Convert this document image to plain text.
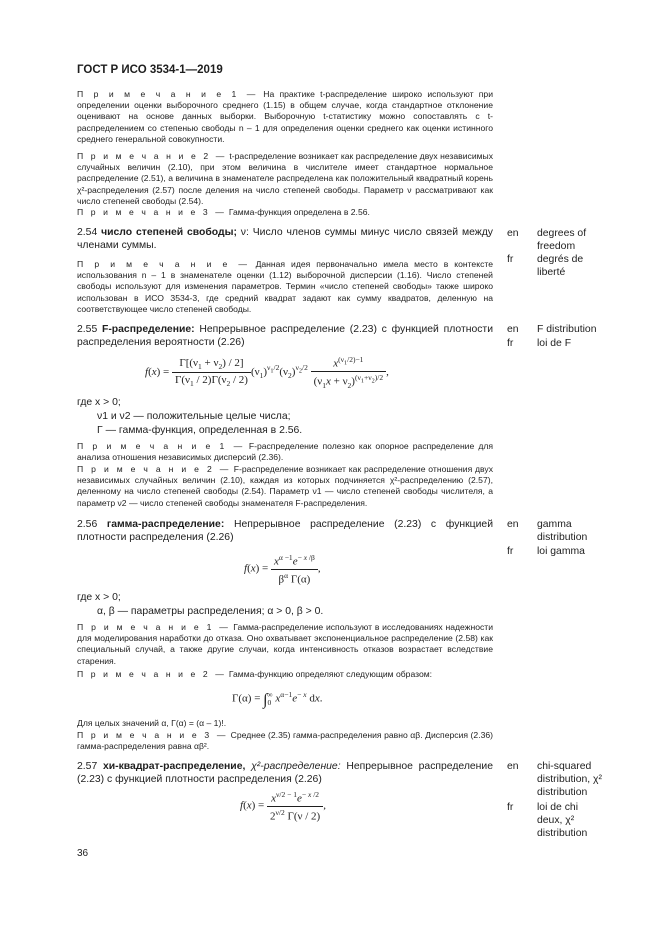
ГОСТ Р ИСО 3534-1—2019
П р и м е ч а н и е 1 — На практике t-распределение широко используют при определении оценки выборочного среднего (1.15) в общем случае, когда стандартное отклонение оценивают на основе данных выборки. Выборочную t-статистику можно сопоставлять с t-распределением со степенью свободы n – 1 для определения оценки среднего как оценки истинного среднего генеральной совокупности.
П р и м е ч а н и е 2 — t-распределение возникает как распределение двух независимых случайных величин (2.10), при этом величина в числителе имеет стандартное нормальное распределение (2.51), а величина в знаменателе распределена как положительный квадратный корень χ²-распределения (2.57) после деления на число степеней свободы. Параметр ν рассматривают как число степеней свободы (2.54).
П р и м е ч а н и е 3 — Гамма-функция определена в 2.56.
2.54 число степеней свободы; ν: Число членов суммы минус число связей между членами суммы.
П р и м е ч а н и е — Данная идея первоначально имела место в контексте использования n – 1 в знаменателе оценки (1.12) выборочной дисперсии (1.16). Число степеней свободы используют для изменения параметров. Термин «число степеней свободы» также широко использован в ИСО 3534-3, где средний квадрат задают как сумму квадратов, деленную на соответствующее число степеней свободы.
en degrees of freedom
fr degrés de liberté
2.55 F-распределение: Непрерывное распределение (2.23) с функцией плотности распределения вероятности (2.26)
en F distribution
fr loi de F
$f(x) = \frac{\Gamma[(\nu_1 + \nu_2) / 2]}{\Gamma(\nu_1 / 2)\Gamma(\nu_2 / 2)} (\nu_1)^{\nu_1/2}(\nu_2)^{\nu_2/2} \frac{x^{(\nu_1/2)-1}}{(\nu_1x + \nu_2)^{(\nu_1+\nu_2)/2}}$ ,
где x > 0;
ν1 и ν2 — положительные целые числа;
Γ — гамма-функция, определенная в 2.56.
П р и м е ч а н и е 1 — F-распределение полезно как опорное распределение для анализа отношения независимых дисперсий (2.36).
П р и м е ч а н и е 2 — F-распределение возникает как распределение отношения двух независимых случайных величин (2.10), каждая из которых подчиняется χ²-распределению (2.57), деленному на число степеней свободы (2.54). Параметр ν1 — число степеней свободы числителя, а параметр ν2 — число степеней свободы знаменателя F-распределения.
2.56 гамма-распределение: Непрерывное распределение (2.23) с функцией плотности распределения (2.26)
en gamma distribution
fr loi gamma
$f(x) = \frac{x^{\alpha -1}e^{- x /\beta}}{\beta^\alpha \Gamma(\alpha)}$ ,
где x > 0;
α, β — параметры распределения; α > 0, β > 0.
П р и м е ч а н и е 1 — Гамма-распределение используют в исследованиях надежности для моделирования наработки до отказа. Оно охватывает экспоненциальное распределение (2.58) как специальный случай, а также другие случаи, когда интенсивность отказов возрастает вследствие старения.
П р и м е ч а н и е 2 — Гамма-функцию определяют следующим образом:
$\Gamma(\alpha) = \int_0^\infty$ $x^{\alpha-1}e^{- x}$ dx.
Для целых значений α, Γ(α) = (α – 1)!.
П р и м е ч а н и е 3 — Среднее (2.35) гамма-распределения равно αβ. Дисперсия (2.36) гамма-распределения равна αβ².
2.57 хи-квадрат-распределение, χ²-распределение: Непрерывное распределение (2.23) с функцией плотности распределения (2.26)
en chi-squared distribution, χ² distribution
fr loi de chi deux, χ² distribution
$f(x) = \frac{x^{\nu/2 - 1}e^{- x /2}}{2^{\nu/2} \Gamma(\nu / 2)}$ ,
36
